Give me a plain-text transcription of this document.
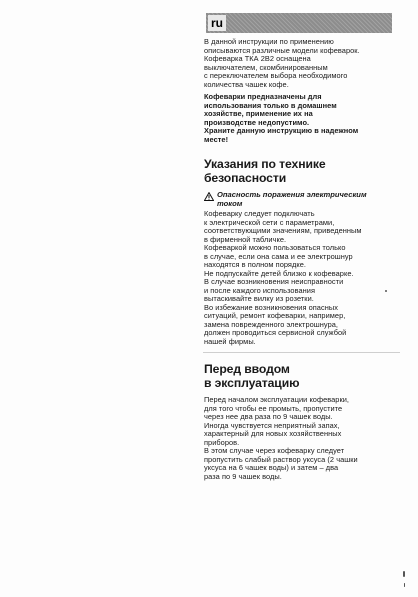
ru

В данной инструкции по применению

описываются различные модели кофеварок.

Кофеварка ТКА 2В2 оснащена

выключателем, скомбинированным

с переключателем выбора необходимого

количества чашек кофе.

Кофеварки предназначены для

использования только в домашнем

хозяйстве, применение их на

производстве недопустимо.

Храните данную инструкцию в надежном

месте!

Указания по технике
безопасности
Опасность поражения электрическим
током

Кофеварку следует подключать

к электрической сети с параметрами,

соответствующими значениям, приведенным

в фирменной табличке.

Кофеваркой можно пользоваться только

в случае, если она сама и ее электрошнур

находятся в полном порядке.

Не подпускайте детей близко к кофеварке.

В случае возникновения неисправности

и после каждого использования

вытаскивайте вилку из розетки.

Во избежание возникновения опасных

ситуаций, ремонт кофеварки, например,

замена поврежденного электрошнура,

должен проводиться сервисной службой

нашей фирмы.

Перед вводом
в эксплуатацию

Перед началом эксплуатации кофеварки,

для того чтобы ее промыть, пропустите

через нее два раза по 9 чашек воды.

Иногда чувствуется неприятный запах,

характерный для новых хозяйственных

приборов.

В этом случае через кофеварку следует

пропустить слабый раствор уксуса (2 чашки

уксуса на 6 чашек воды) и затем – два

раза по 9 чашек воды.
